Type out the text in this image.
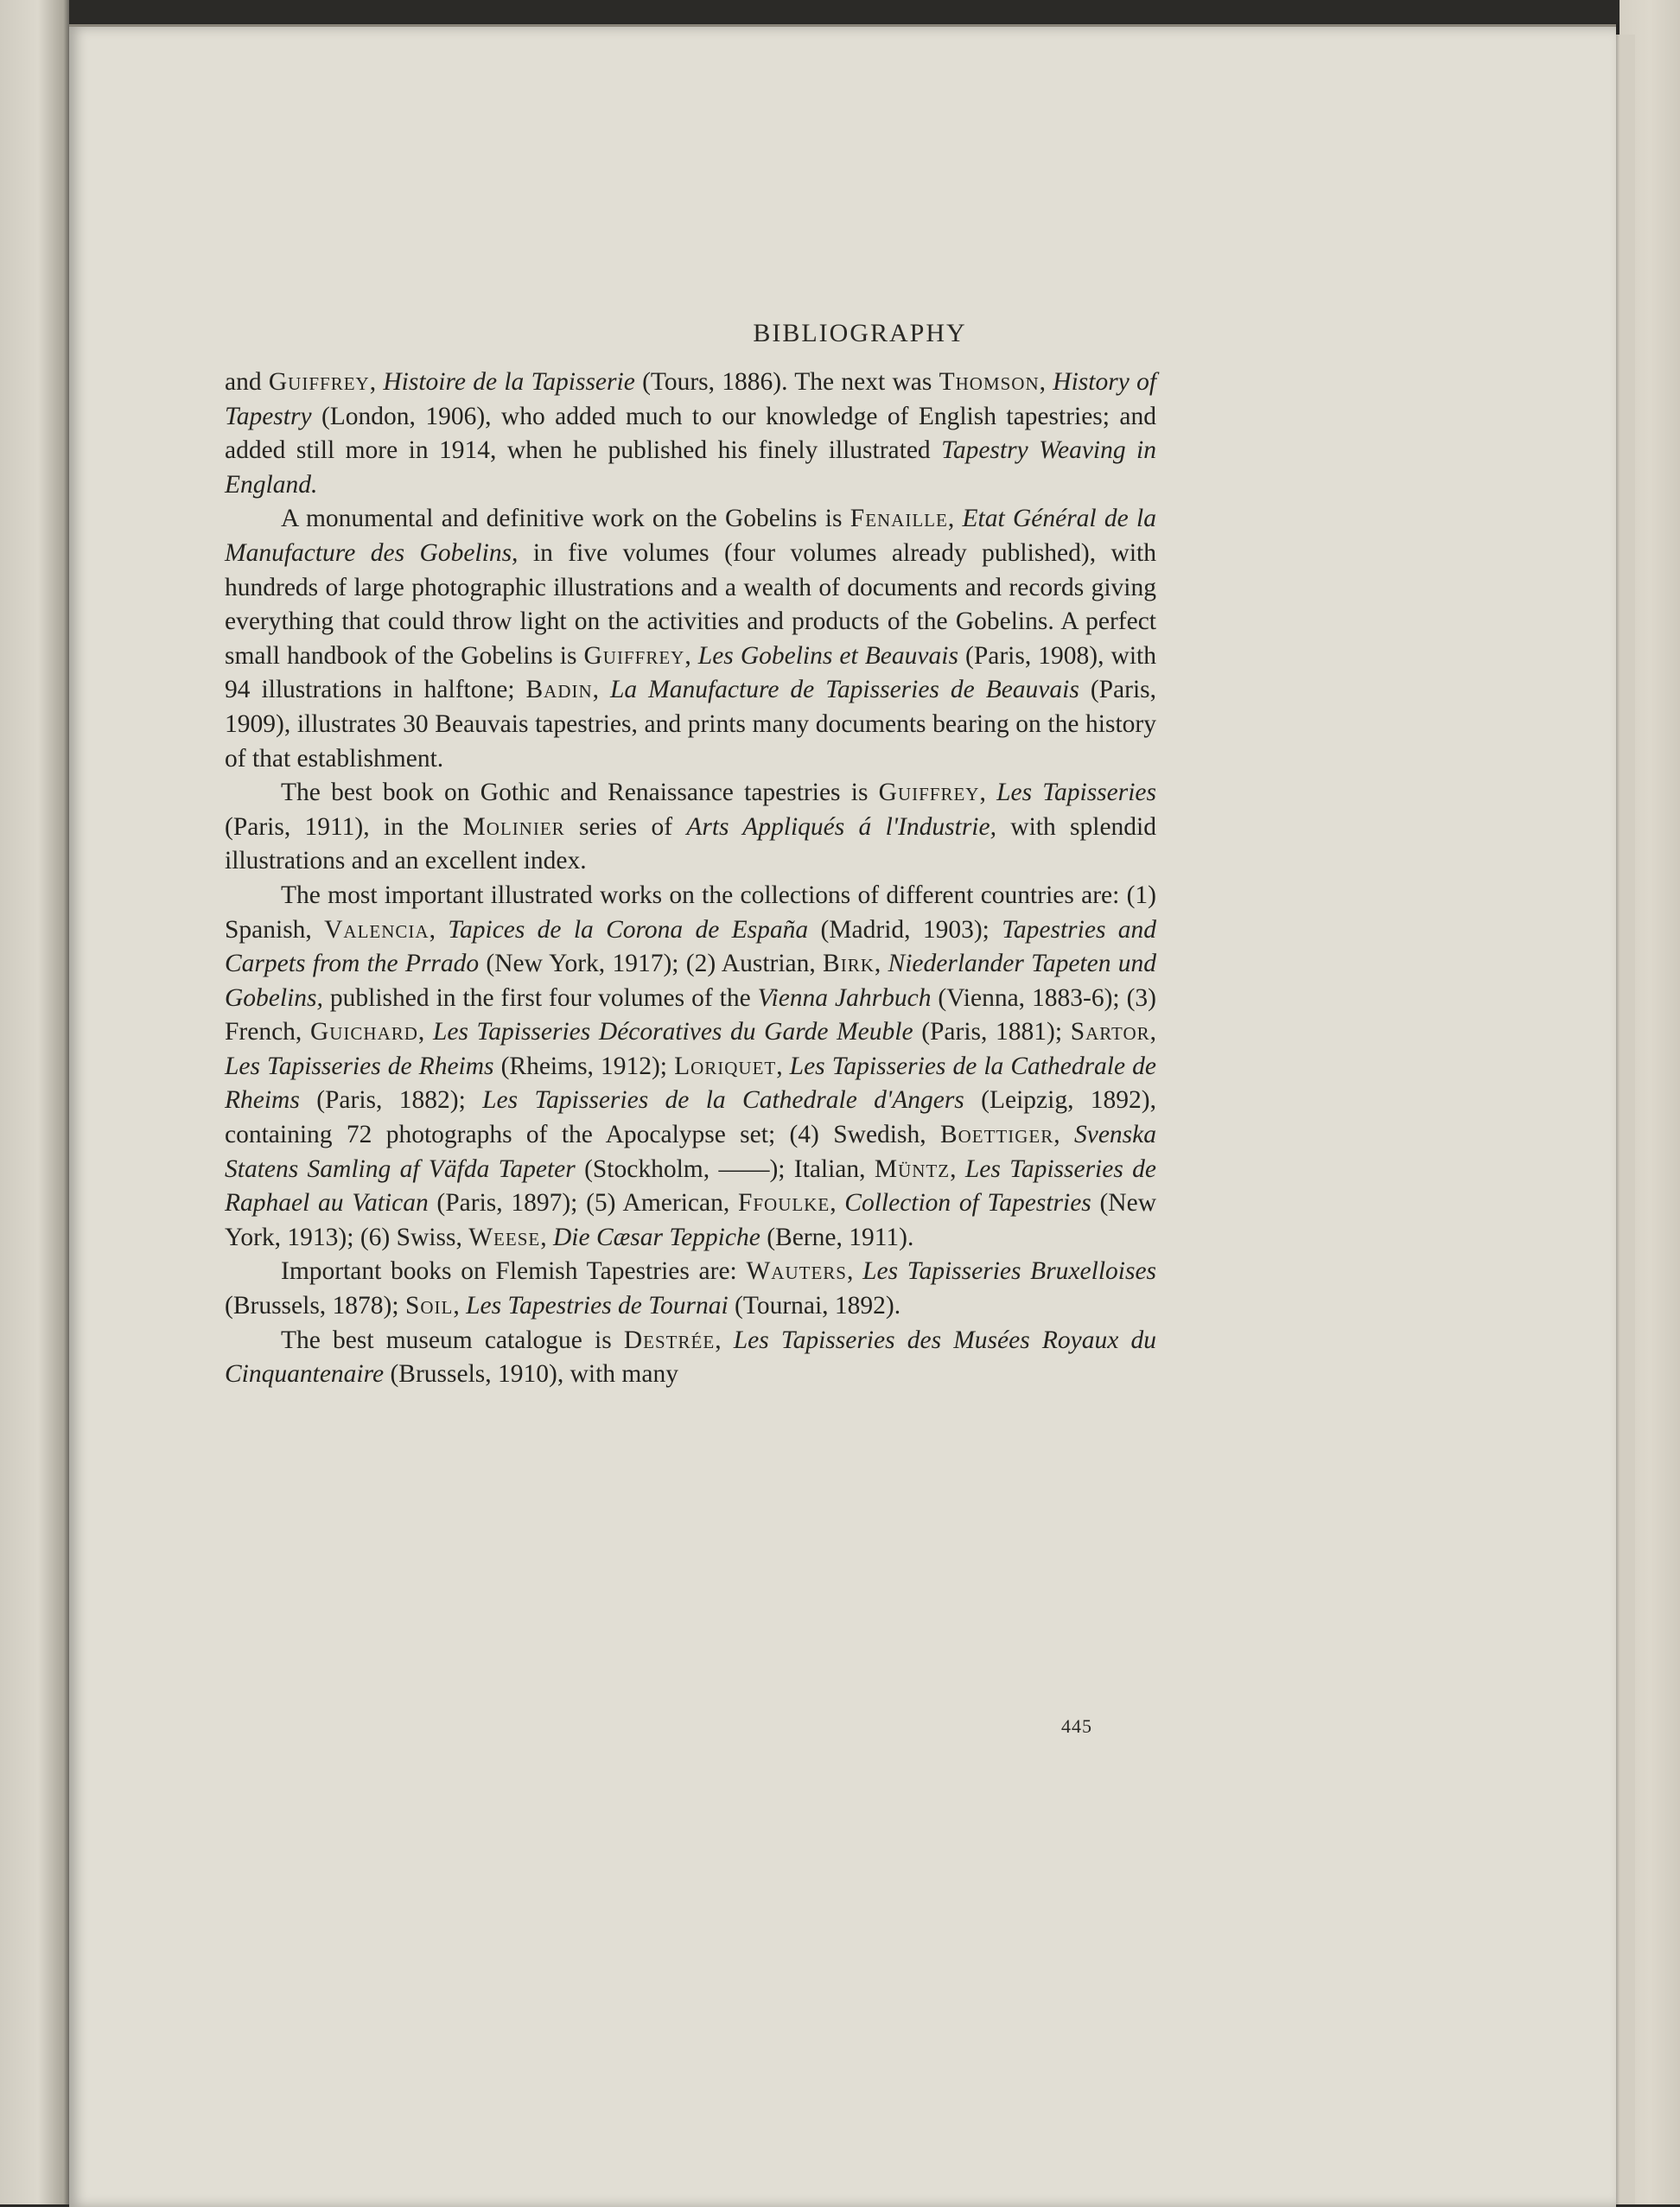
BIBLIOGRAPHY

and Guiffrey, Histoire de la Tapisserie (Tours, 1886). The next was Thomson, History of Tapestry (London, 1906), who added much to our knowledge of English tapestries; and added still more in 1914, when he published his finely illustrated Tapestry Weaving in England.

A monumental and definitive work on the Gobelins is Fenaille, Etat Général de la Manufacture des Gobelins, in five volumes (four volumes already published), with hundreds of large photographic illustrations and a wealth of documents and records giving everything that could throw light on the activities and products of the Gobelins. A perfect small handbook of the Gobelins is Guiffrey, Les Gobelins et Beauvais (Paris, 1908), with 94 illustrations in halftone; Badin, La Manufacture de Tapisseries de Beauvais (Paris, 1909), illustrates 30 Beauvais tapestries, and prints many documents bearing on the history of that establishment.

The best book on Gothic and Renaissance tapestries is Guiffrey, Les Tapisseries (Paris, 1911), in the Molinier series of Arts Appliqués á l'Industrie, with splendid illustrations and an excellent index.

The most important illustrated works on the collections of different countries are: (1) Spanish, Valencia, Tapices de la Corona de España (Madrid, 1903); Tapestries and Carpets from the Prrado (New York, 1917); (2) Austrian, Birk, Niederlander Tapeten und Gobelins, published in the first four volumes of the Vienna Jahrbuch (Vienna, 1883-6); (3) French, Guichard, Les Tapisseries Décoratives du Garde Meuble (Paris, 1881); Sartor, Les Tapisseries de Rheims (Rheims, 1912); Loriquet, Les Tapisseries de la Cathedrale de Rheims (Paris, 1882); Les Tapisseries de la Cathedrale d'Angers (Leipzig, 1892), containing 72 photographs of the Apocalypse set; (4) Swedish, Boettiger, Svenska Statens Samling af Väfda Tapeter (Stockholm, ——); Italian, Müntz, Les Tapisseries de Raphael au Vatican (Paris, 1897); (5) American, Ffoulke, Collection of Tapestries (New York, 1913); (6) Swiss, Weese, Die Cæsar Teppiche (Berne, 1911).

Important books on Flemish Tapestries are: Wauters, Les Tapisseries Bruxelloises (Brussels, 1878); Soil, Les Tapestries de Tournai (Tournai, 1892).

The best museum catalogue is Destrée, Les Tapisseries des Musées Royaux du Cinquantenaire (Brussels, 1910), with many

445
